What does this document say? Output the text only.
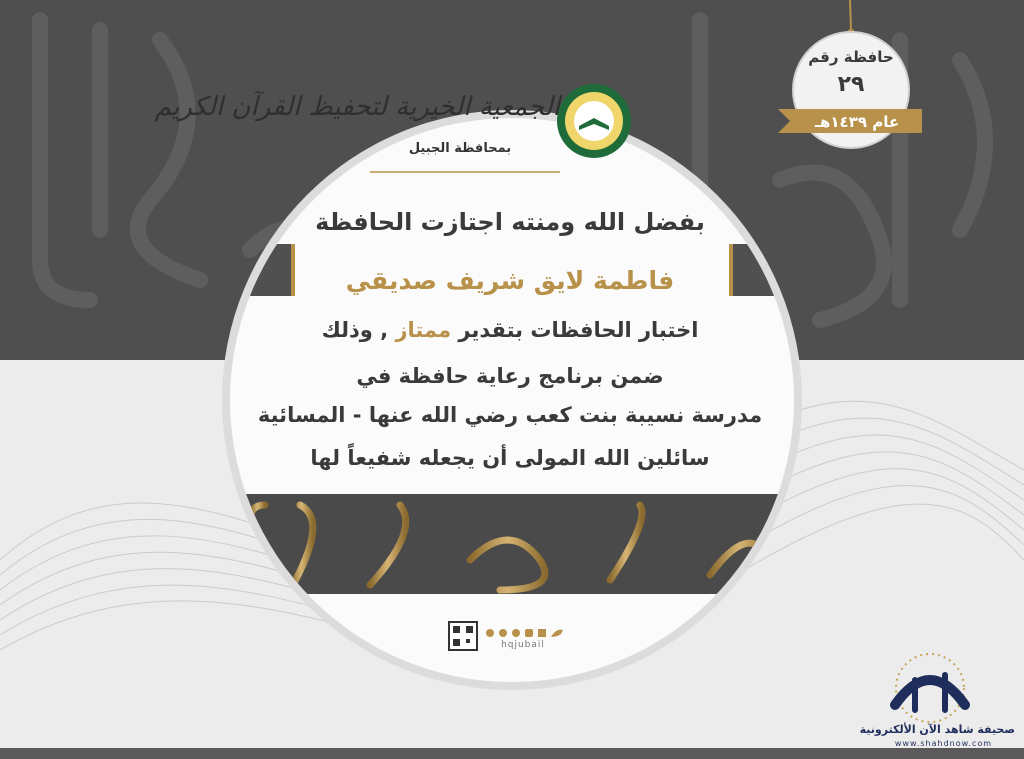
الجمعية الخيرية لتحفيظ القرآن الكريم
بمحافظة الجبيل
حافظة رقم
٢٩
عام ١٤٣٩هـ
بفضل الله ومنته اجتازت الحافظة
فاطمة لايق شريف صديقي
اختبار الحافظات بتقدير ممتاز , وذلك
ضمن برنامج رعاية حافظة في
مدرسة نسيبة بنت كعب رضي الله عنها - المسائية
سائلين الله المولى أن يجعله شفيعاً لها
hqjubail
صحيفة شاهد الآن الألكترونية
www.shahdnow.com
